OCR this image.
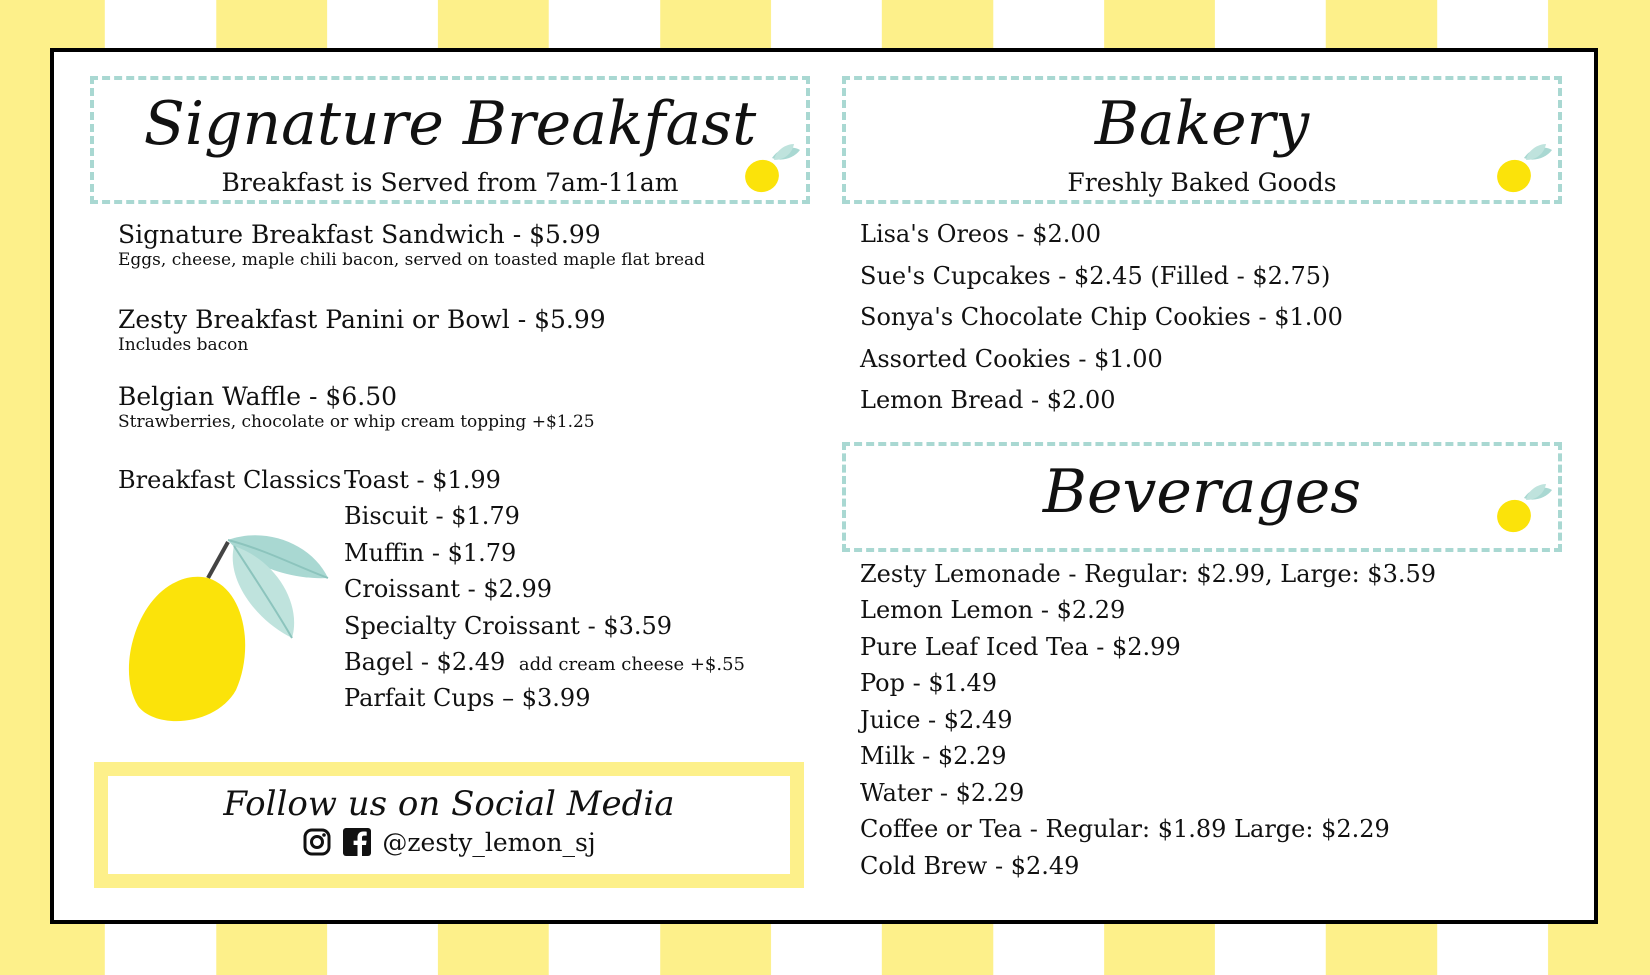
Signature Breakfast
Breakfast is Served from 7am-11am
Signature Breakfast Sandwich - $5.99
Eggs, cheese, maple chili bacon, served on toasted maple flat bread
Zesty Breakfast Panini or Bowl - $5.99
Includes bacon
Belgian Waffle - $6.50
Strawberries, chocolate or whip cream topping +$1.25
Breakfast Classics -
Toast - $1.99
Biscuit - $1.79
Muffin - $1.79
Croissant - $2.99
Specialty Croissant - $3.59
Bagel - $2.49 add cream cheese +$.55
Parfait Cups – $3.99
Follow us on Social Media
@zesty_lemon_sj
Bakery
Freshly Baked Goods
Lisa's Oreos - $2.00
Sue's Cupcakes - $2.45 (Filled - $2.75)
Sonya's Chocolate Chip Cookies - $1.00
Assorted Cookies - $1.00
Lemon Bread - $2.00
Beverages
Zesty Lemonade - Regular: $2.99, Large: $3.59
Lemon Lemon - $2.29
Pure Leaf Iced Tea - $2.99
Pop - $1.49
Juice - $2.49
Milk - $2.29
Water - $2.29
Coffee or Tea - Regular: $1.89 Large: $2.29
Cold Brew - $2.49
